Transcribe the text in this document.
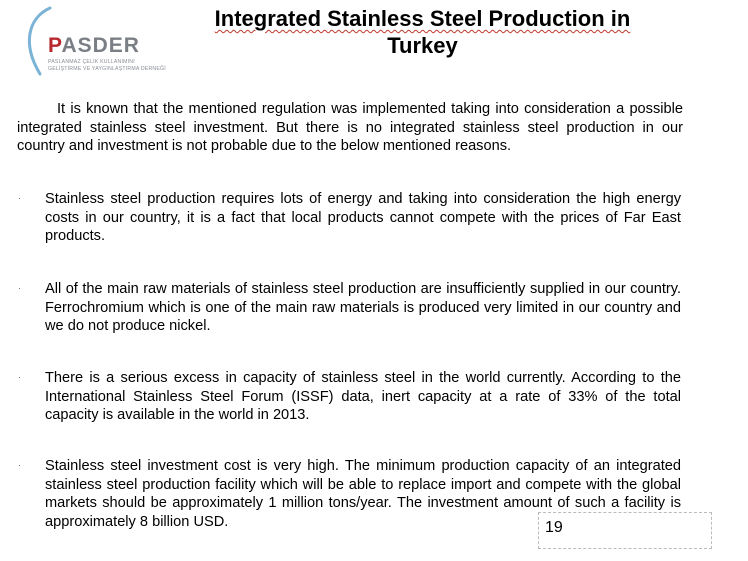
PASDER
PASLANMAZ ÇELİK KULLANIMINI
GELİŞTİRME VE YAYGINLAŞTIRMA DERNEĞİ
Integrated Stainless Steel Production in
Turkey

It is known that the mentioned regulation was implemented taking into consideration a possible integrated stainless steel investment. But there is no integrated stainless steel production in our country and investment is not probable due to the below mentioned reasons.

· Stainless steel production requires lots of energy and taking into consideration the high energy costs in our country, it is a fact that local products cannot compete with the prices of Far East products.

· All of the main raw materials of stainless steel production are insufficiently supplied in our country. Ferrochromium which is one of the main raw materials is produced very limited in our country and we do not produce nickel.

· There is a serious excess in capacity of stainless steel in the world currently. According to the International Stainless Steel Forum (ISSF) data, inert capacity at a rate of 33% of the total capacity is available in the world in 2013.

· Stainless steel investment cost is very high. The minimum production capacity of an integrated stainless steel production facility which will be able to replace import and compete with the global markets should be approximately 1 million tons/year. The investment amount of such a facility is approximately 8 billion USD.	19
